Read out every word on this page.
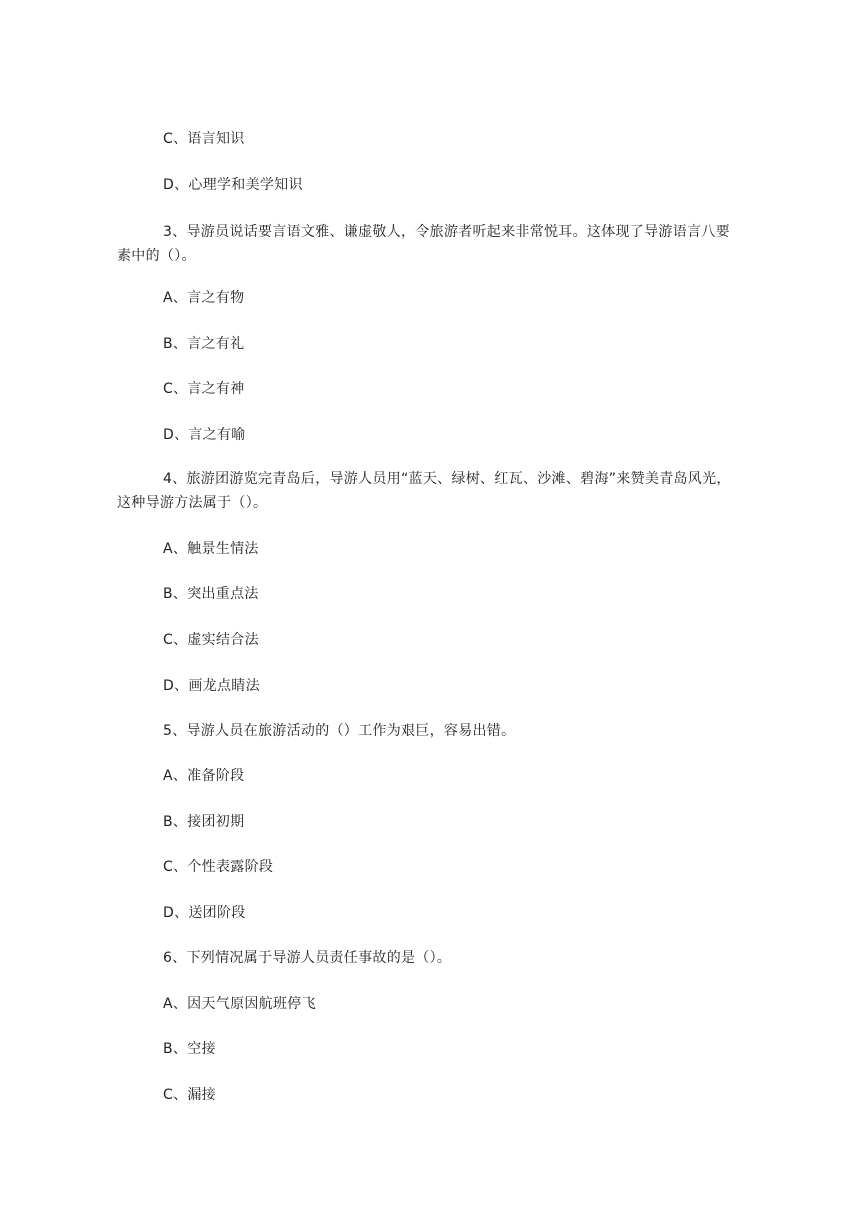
C、语言知识
D、心理学和美学知识
3、导游员说话要言语文雅、谦虚敬人，令旅游者听起来非常悦耳。这体现了导游语言八要素中的（）。
A、言之有物
B、言之有礼
C、言之有神
D、言之有喻
4、旅游团游览完青岛后，导游人员用“蓝天、绿树、红瓦、沙滩、碧海”来赞美青岛风光，这种导游方法属于（）。
A、触景生情法
B、突出重点法
C、虚实结合法
D、画龙点睛法
5、导游人员在旅游活动的（）工作为艰巨，容易出错。
A、准备阶段
B、接团初期
C、个性表露阶段
D、送团阶段
6、下列情况属于导游人员责任事故的是（）。
A、因天气原因航班停飞
B、空接
C、漏接
